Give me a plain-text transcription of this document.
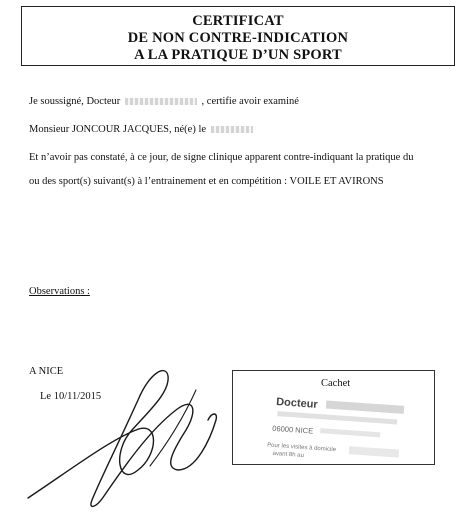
CERTIFICAT
DE NON CONTRE-INDICATION
A LA PRATIQUE D’UN SPORT
Je soussigné, Docteur	, certifie avoir examiné
Monsieur JONCOUR JACQUES, né(e) le
Et n’avoir pas constaté, à ce jour, de signe clinique apparent contre-indiquant la pratique du
ou des sport(s) suivant(s) à l’entrainement et en compétition : VOILE ET AVIRONS
Observations :
A NICE
Le 10/11/2015
Cachet
Docteur
06000 NICE
Pour les visites à domicile
avant 8h au
